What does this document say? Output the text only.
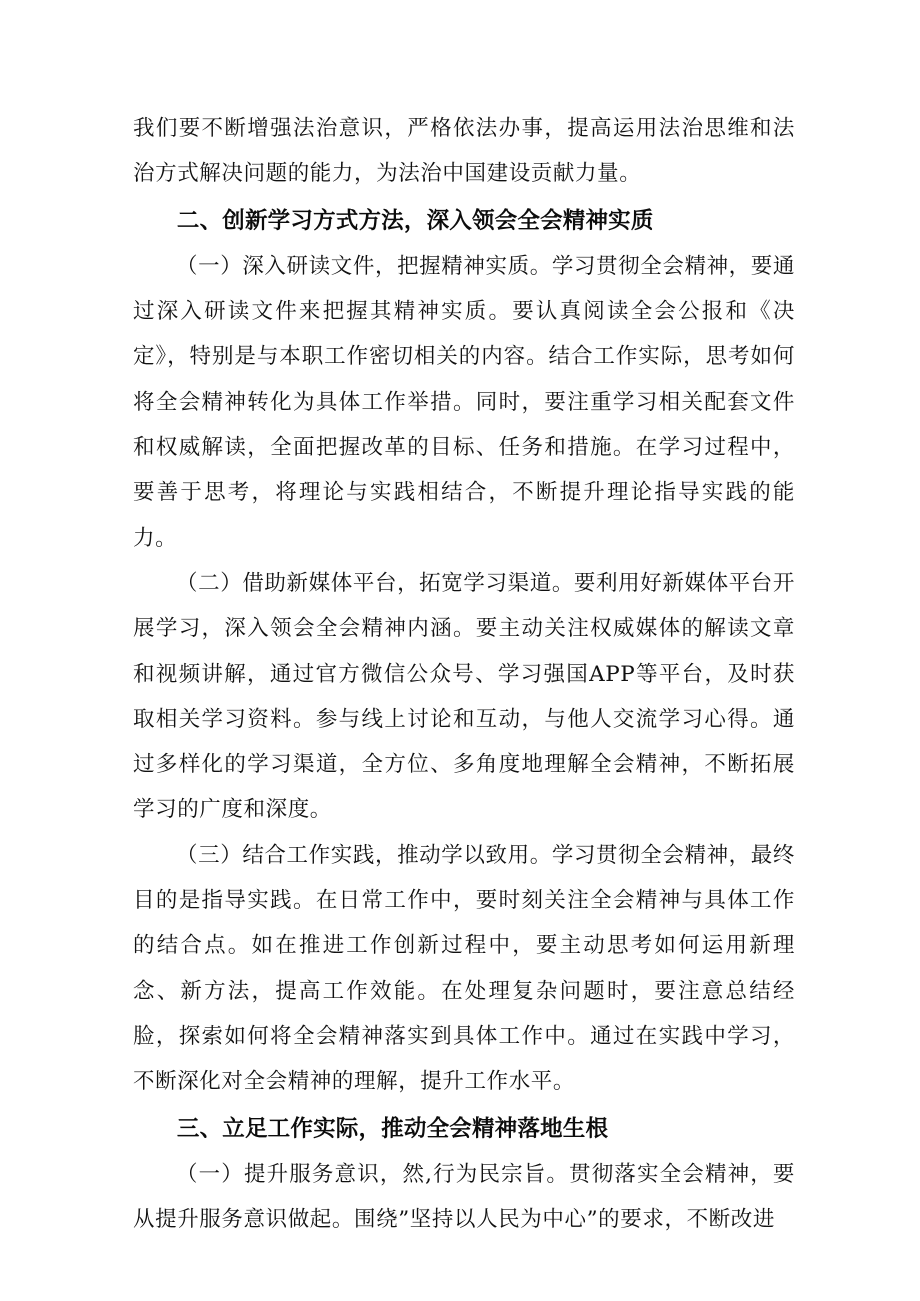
我们要不断增强法治意识，严格依法办事，提高运用法治思维和法治方式解决问题的能力，为法治中国建设贡献力量。

二、创新学习方式方法，深入领会全会精神实质

（一）深入研读文件，把握精神实质。学习贯彻全会精神，要通过深入研读文件来把握其精神实质。要认真阅读全会公报和《决定》，特别是与本职工作密切相关的内容。结合工作实际，思考如何将全会精神转化为具体工作举措。同时，要注重学习相关配套文件和权威解读，全面把握改革的目标、任务和措施。在学习过程中，要善于思考，将理论与实践相结合，不断提升理论指导实践的能力。

（二）借助新媒体平台，拓宽学习渠道。要利用好新媒体平台开展学习，深入领会全会精神内涵。要主动关注权威媒体的解读文章和视频讲解，通过官方微信公众号、学习强国APP等平台，及时获取相关学习资料。参与线上讨论和互动，与他人交流学习心得。通过多样化的学习渠道，全方位、多角度地理解全会精神，不断拓展学习的广度和深度。

（三）结合工作实践，推动学以致用。学习贯彻全会精神，最终目的是指导实践。在日常工作中，要时刻关注全会精神与具体工作的结合点。如在推进工作创新过程中，要主动思考如何运用新理念、新方法，提高工作效能。在处理复杂问题时，要注意总结经脸，探索如何将全会精神落实到具体工作中。通过在实践中学习，不断深化对全会精神的理解，提升工作水平。

三、立足工作实际，推动全会精神落地生根

（一）提升服务意识，然,行为民宗旨。贯彻落实全会精神，要从提升服务意识做起。围绕”坚持以人民为中心”的要求，不断改进
